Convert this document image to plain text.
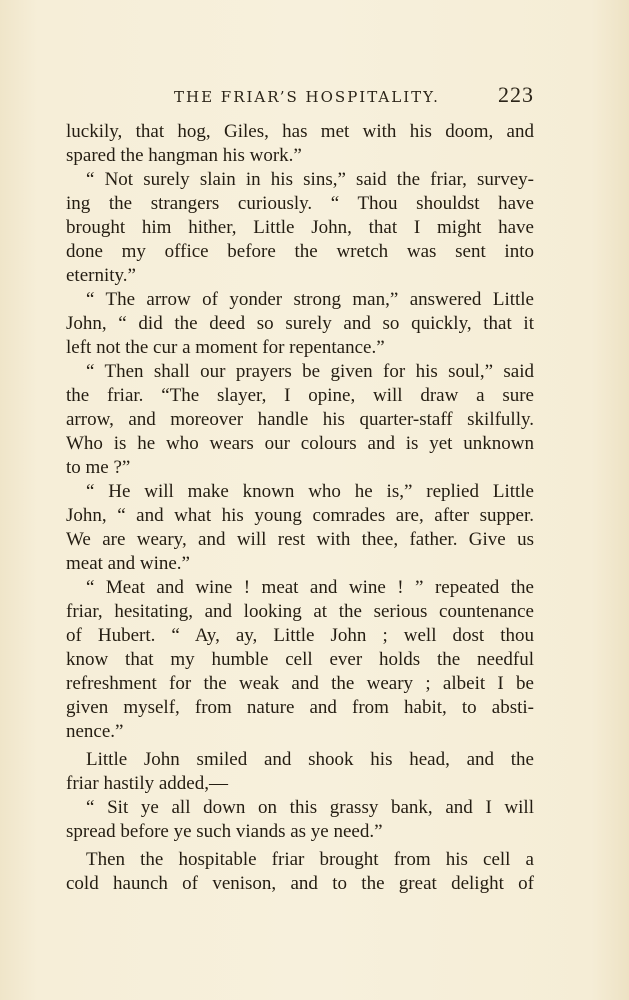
THE FRIAR’S HOSPITALITY.	223
luckily, that hog, Giles, has met with his doom, and
spared the hangman his work.”
“ Not surely slain in his sins,” said the friar, survey-
ing the strangers curiously. “ Thou shouldst have
brought him hither, Little John, that I might have
done my office before the wretch was sent into
eternity.”
“ The arrow of yonder strong man,” answered Little
John, “ did the deed so surely and so quickly, that it
left not the cur a moment for repentance.”
“ Then shall our prayers be given for his soul,” said
the friar. “The slayer, I opine, will draw a sure
arrow, and moreover handle his quarter-staff skilfully.
Who is he who wears our colours and is yet unknown
to me ?”
“ He will make known who he is,” replied Little
John, “ and what his young comrades are, after supper.
We are weary, and will rest with thee, father. Give us
meat and wine.”
“ Meat and wine ! meat and wine ! ” repeated the
friar, hesitating, and looking at the serious countenance
of Hubert. “ Ay, ay, Little John ; well dost thou
know that my humble cell ever holds the needful
refreshment for the weak and the weary ; albeit I be
given myself, from nature and from habit, to absti-
nence.”
Little John smiled and shook his head, and the
friar hastily added,—
“ Sit ye all down on this grassy bank, and I will
spread before ye such viands as ye need.”
Then the hospitable friar brought from his cell a
cold haunch of venison, and to the great delight of
